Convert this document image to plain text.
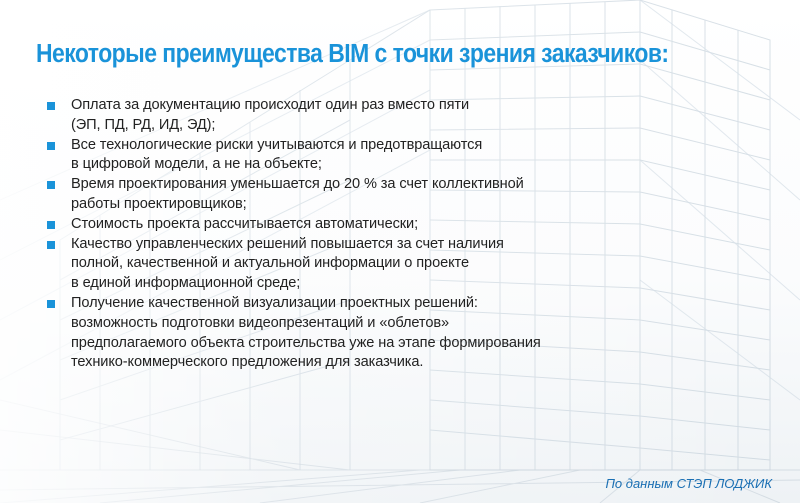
Некоторые преимущества BIM с точки зрения заказчиков:
Оплата за документацию происходит один раз вместо пяти
(ЭП, ПД, РД, ИД, ЭД);
Все технологические риски учитываются и предотвращаются
в цифровой модели, а не на объекте;
Время проектирования уменьшается до 20 % за счет коллективной
работы проектировщиков;
Стоимость проекта рассчитывается автоматически;
Качество управленческих решений повышается за счет наличия
полной, качественной и актуальной информации о проекте
в единой информационной среде;
Получение качественной визуализации проектных решений:
возможность подготовки видеопрезентаций и «облетов»
предполагаемого объекта строительства уже на этапе формирования
технико-коммерческого предложения для заказчика.
По данным СТЭП ЛОДЖИК
